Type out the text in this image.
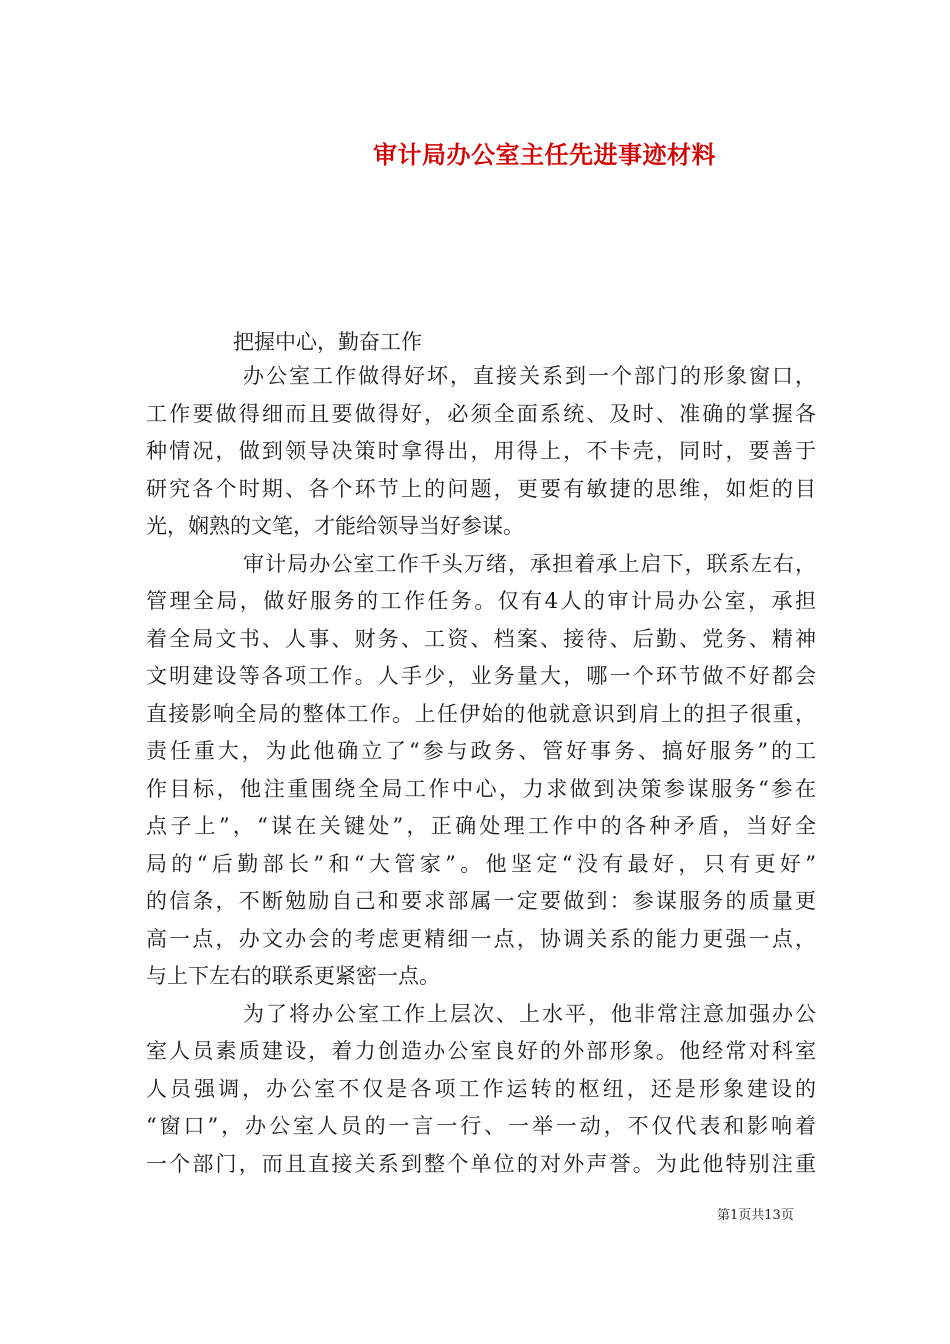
审计局办公室主任先进事迹材料
把握中心，勤奋工作
办公室工作做得好坏，直接关系到一个部门的形象窗口，
工作要做得细而且要做得好，必须全面系统、及时、准确的掌握各
种情况，做到领导决策时拿得出，用得上，不卡壳，同时，要善于
研究各个时期、各个环节上的问题，更要有敏捷的思维，如炬的目
光，娴熟的文笔，才能给领导当好参谋。
审计局办公室工作千头万绪，承担着承上启下，联系左右，
管理全局，做好服务的工作任务。仅有4人的审计局办公室，承担
着全局文书、人事、财务、工资、档案、接待、后勤、党务、精神
文明建设等各项工作。人手少，业务量大，哪一个环节做不好都会
直接影响全局的整体工作。上任伊始的他就意识到肩上的担子很重，
责任重大，为此他确立了“参与政务、管好事务、搞好服务”的工
作目标，他注重围绕全局工作中心，力求做到决策参谋服务“参在
点子上”，“谋在关键处”，正确处理工作中的各种矛盾，当好全
局的“后勤部长”和“大管家”。他坚定“没有最好，只有更好”
的信条，不断勉励自己和要求部属一定要做到：参谋服务的质量更
高一点，办文办会的考虑更精细一点，协调关系的能力更强一点，
与上下左右的联系更紧密一点。
为了将办公室工作上层次、上水平，他非常注意加强办公
室人员素质建设，着力创造办公室良好的外部形象。他经常对科室
人员强调，办公室不仅是各项工作运转的枢纽，还是形象建设的
“窗口”，办公室人员的一言一行、一举一动，不仅代表和影响着
一个部门，而且直接关系到整个单位的对外声誉。为此他特别注重
第1页共13页
